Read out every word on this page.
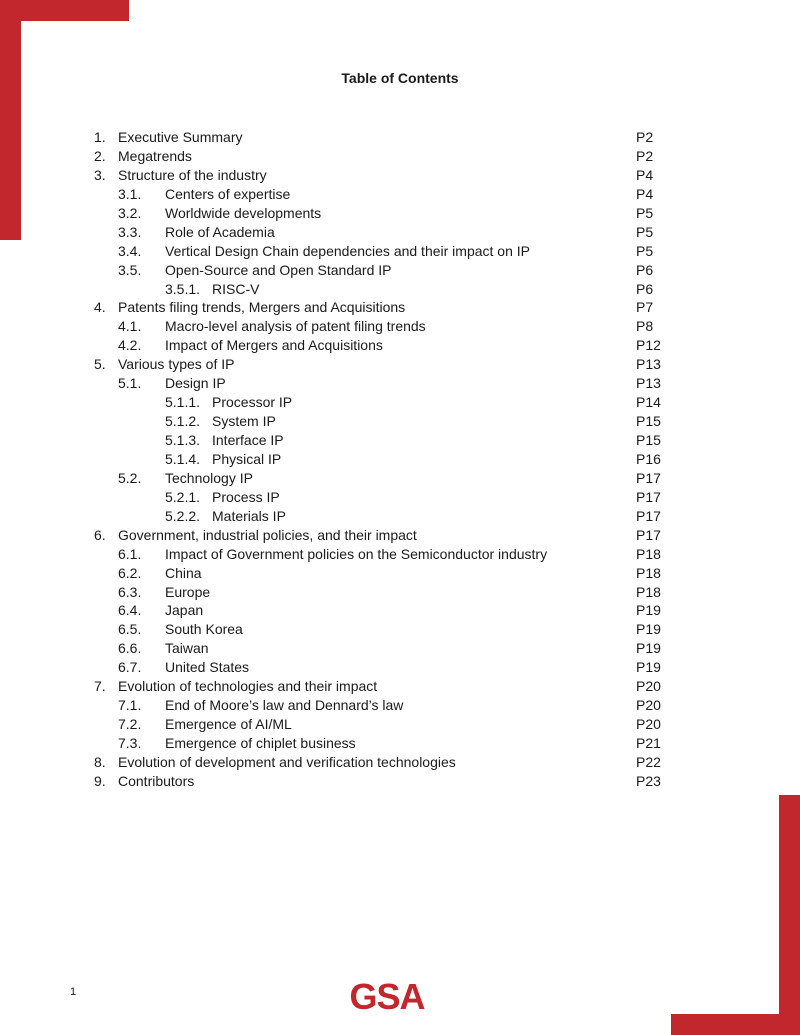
Table of Contents
1. Executive Summary	P2
2. Megatrends	P2
3. Structure of the industry	P4
3.1. Centers of expertise	P4
3.2. Worldwide developments	P5
3.3. Role of Academia	P5
3.4. Vertical Design Chain dependencies and their impact on IP	P5
3.5. Open-Source and Open Standard IP	P6
3.5.1. RISC-V	P6
4. Patents filing trends, Mergers and Acquisitions	P7
4.1. Macro-level analysis of patent filing trends	P8
4.2. Impact of Mergers and Acquisitions	P12
5. Various types of IP	P13
5.1. Design IP	P13
5.1.1. Processor IP	P14
5.1.2. System IP	P15
5.1.3. Interface IP	P15
5.1.4. Physical IP	P16
5.2. Technology IP	P17
5.2.1. Process IP	P17
5.2.2. Materials IP	P17
6. Government, industrial policies, and their impact	P17
6.1. Impact of Government policies on the Semiconductor industry	P18
6.2. China	P18
6.3. Europe	P18
6.4. Japan	P19
6.5. South Korea	P19
6.6. Taiwan	P19
6.7. United States	P19
7. Evolution of technologies and their impact	P20
7.1. End of Moore’s law and Dennard’s law	P20
7.2. Emergence of AI/ML	P20
7.3. Emergence of chiplet business	P21
8. Evolution of development and verification technologies	P22
9. Contributors	P23
1	GSA
